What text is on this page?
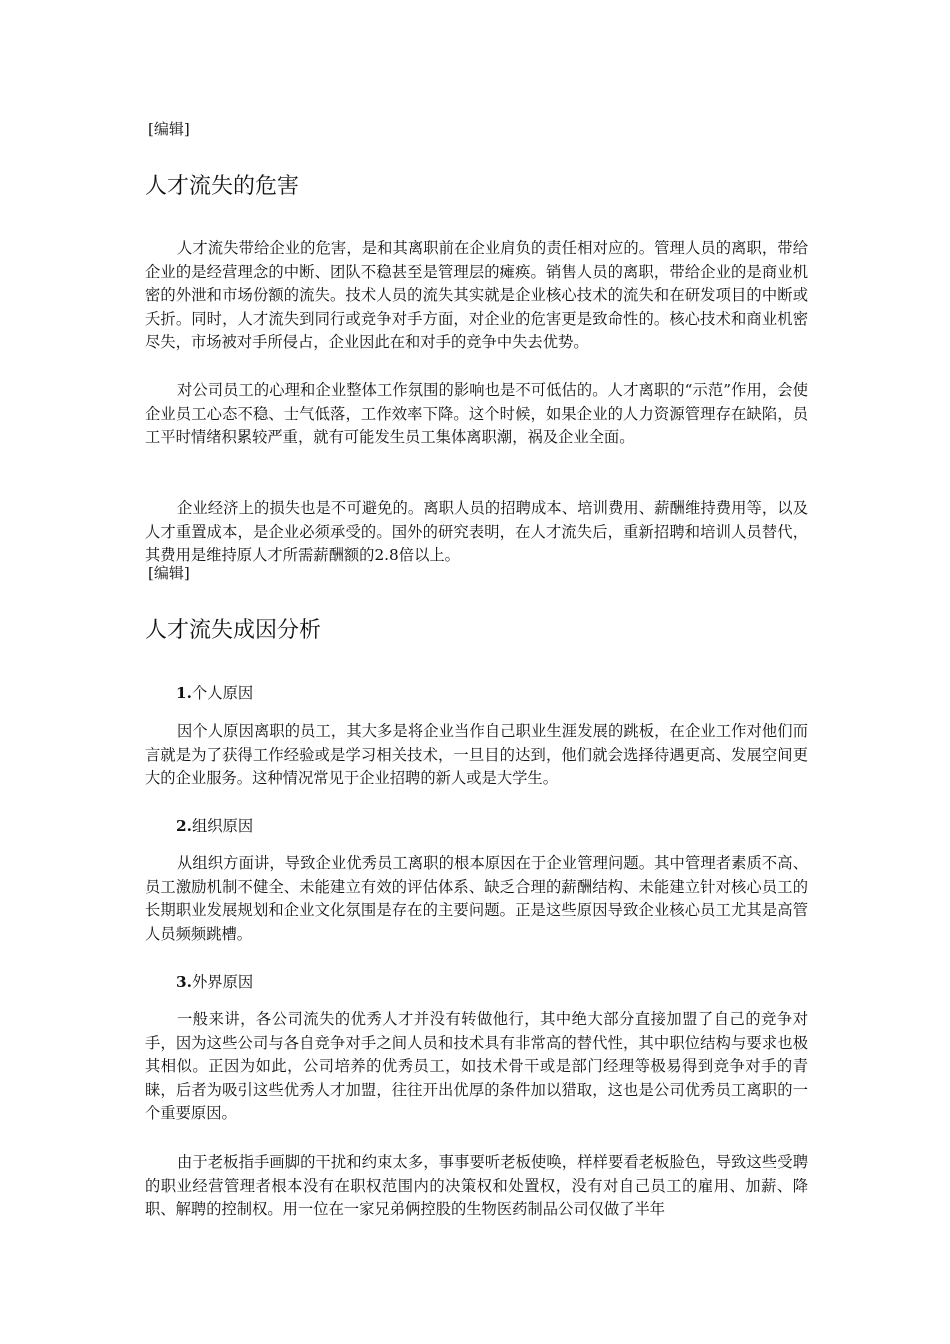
[编辑]
人才流失的危害

人才流失带给企业的危害，是和其离职前在企业肩负的责任相对应的。管理人员的离职，带给企业的是经营理念的中断、团队不稳甚至是管理层的瘫痪。销售人员的离职，带给企业的是商业机密的外泄和市场份额的流失。技术人员的流失其实就是企业核心技术的流失和在研发项目的中断或夭折。同时，人才流失到同行或竞争对手方面，对企业的危害更是致命性的。核心技术和商业机密尽失，市场被对手所侵占，企业因此在和对手的竞争中失去优势。

对公司员工的心理和企业整体工作氛围的影响也是不可低估的。人才离职的“示范”作用，会使企业员工心态不稳、士气低落，工作效率下降。这个时候，如果企业的人力资源管理存在缺陷，员工平时情绪积累较严重，就有可能发生员工集体离职潮，祸及企业全面。

企业经济上的损失也是不可避免的。离职人员的招聘成本、培训费用、薪酬维持费用等，以及人才重置成本，是企业必须承受的。国外的研究表明，在人才流失后，重新招聘和培训人员替代，其费用是维持原人才所需薪酬额的2.8倍以上。

[编辑]
人才流失成因分析
1.个人原因

因个人原因离职的员工，其大多是将企业当作自己职业生涯发展的跳板，在企业工作对他们而言就是为了获得工作经验或是学习相关技术，一旦目的达到，他们就会选择待遇更高、发展空间更大的企业服务。这种情况常见于企业招聘的新人或是大学生。

2.组织原因

从组织方面讲，导致企业优秀员工离职的根本原因在于企业管理问题。其中管理者素质不高、员工激励机制不健全、未能建立有效的评估体系、缺乏合理的薪酬结构、未能建立针对核心员工的长期职业发展规划和企业文化氛围是存在的主要问题。正是这些原因导致企业核心员工尤其是高管人员频频跳槽。

3.外界原因

一般来讲，各公司流失的优秀人才并没有转做他行，其中绝大部分直接加盟了自己的竞争对手，因为这些公司与各自竞争对手之间人员和技术具有非常高的替代性，其中职位结构与要求也极其相似。正因为如此，公司培养的优秀员工，如技术骨干或是部门经理等极易得到竞争对手的青睐，后者为吸引这些优秀人才加盟，往往开出优厚的条件加以猎取，这也是公司优秀员工离职的一个重要原因。

由于老板指手画脚的干扰和约束太多，事事要听老板使唤，样样要看老板脸色，导致这些受聘的职业经营管理者根本没有在职权范围内的决策权和处置权，没有对自己员工的雇用、加薪、降职、解聘的控制权。用一位在一家兄弟俩控股的生物医药制品公司仅做了半年
